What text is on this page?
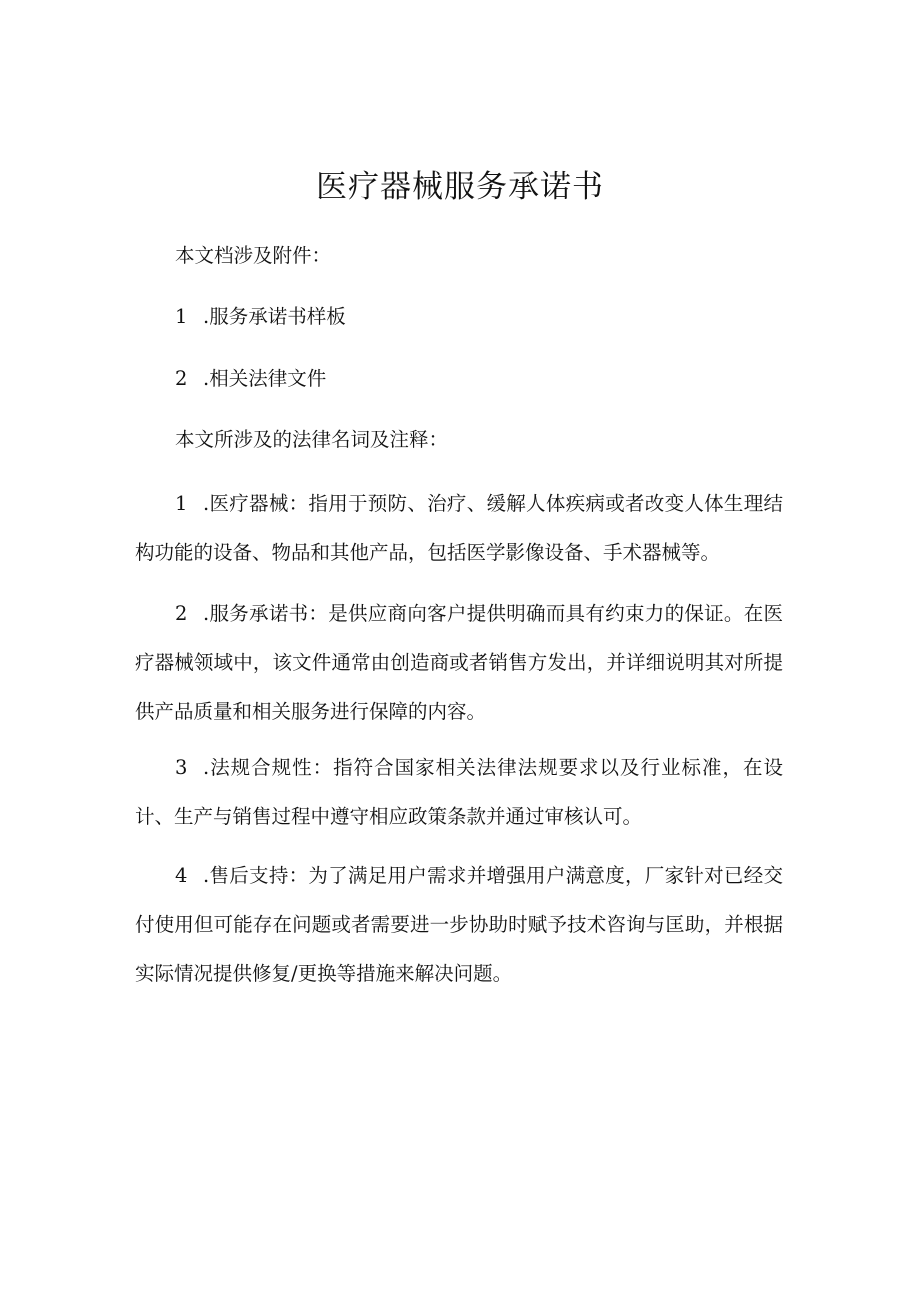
医疗器械服务承诺书

本文档涉及附件：

1 .服务承诺书样板

2 .相关法律文件

本文所涉及的法律名词及注释：

1 .医疗器械：指用于预防、治疗、缓解人体疾病或者改变人体生理结构功能的设备、物品和其他产品，包括医学影像设备、手术器械等。

2 .服务承诺书：是供应商向客户提供明确而具有约束力的保证。在医疗器械领域中，该文件通常由创造商或者销售方发出，并详细说明其对所提供产品质量和相关服务进行保障的内容。

3 .法规合规性：指符合国家相关法律法规要求以及行业标准，在设计、生产与销售过程中遵守相应政策条款并通过审核认可。

4 .售后支持：为了满足用户需求并增强用户满意度，厂家针对已经交付使用但可能存在问题或者需要进一步协助时赋予技术咨询与匡助，并根据实际情况提供修复/更换等措施来解决问题。
